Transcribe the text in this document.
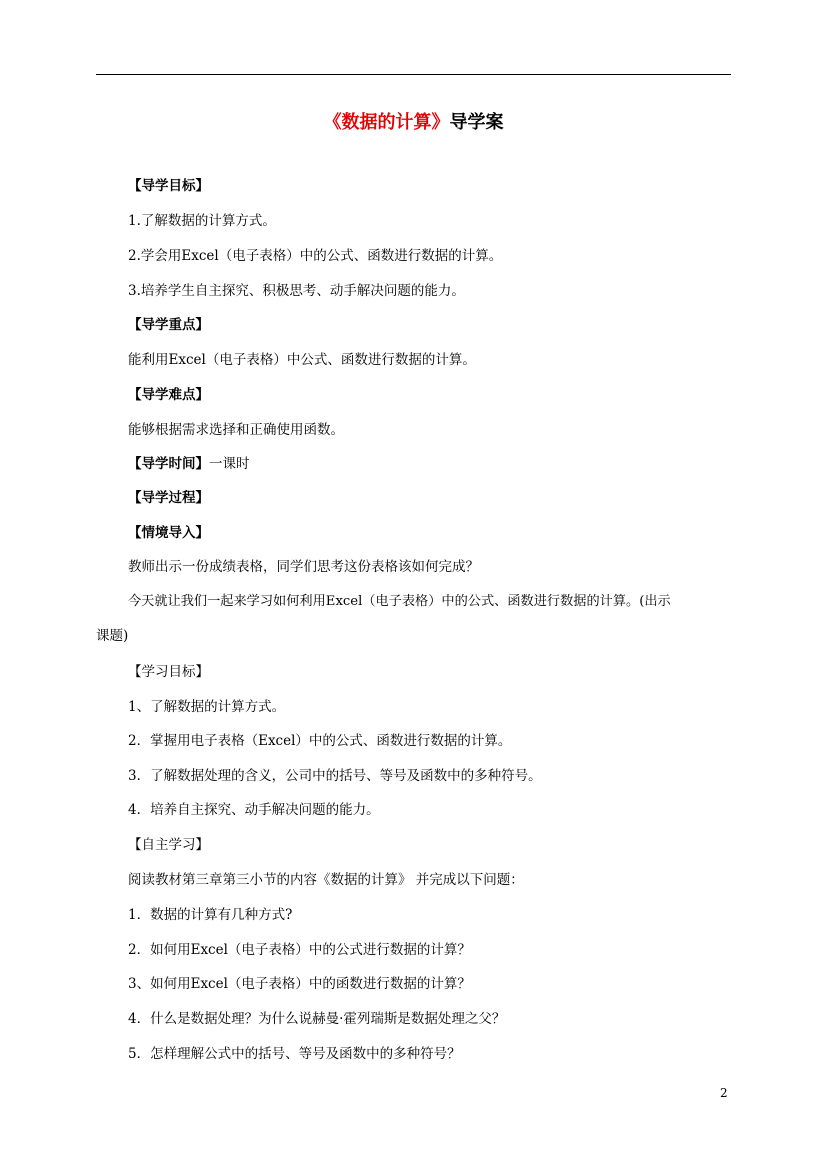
《数据的计算》导学案
【导学目标】
1.了解数据的计算方式。
2.学会用Excel（电子表格）中的公式、函数进行数据的计算。
3.培养学生自主探究、积极思考、动手解决问题的能力。
【导学重点】
能利用Excel（电子表格）中公式、函数进行数据的计算。
【导学难点】
能够根据需求选择和正确使用函数。
【导学时间】一课时
【导学过程】
【情境导入】
教师出示一份成绩表格，同学们思考这份表格该如何完成？
今天就让我们一起来学习如何利用Excel（电子表格）中的公式、函数进行数据的计算。(出示
课题)
【学习目标】
1、了解数据的计算方式。
2．掌握用电子表格（Excel）中的公式、函数进行数据的计算。
3．了解数据处理的含义，公司中的括号、等号及函数中的多种符号。
4．培养自主探究、动手解决问题的能力。
【自主学习】
阅读教材第三章第三小节的内容《数据的计算》 并完成以下问题：
1．数据的计算有几种方式?
2．如何用Excel（电子表格）中的公式进行数据的计算？
3、如何用Excel（电子表格）中的函数进行数据的计算？
4．什么是数据处理？为什么说赫曼·霍列瑞斯是数据处理之父？
5．怎样理解公式中的括号、等号及函数中的多种符号？
2
